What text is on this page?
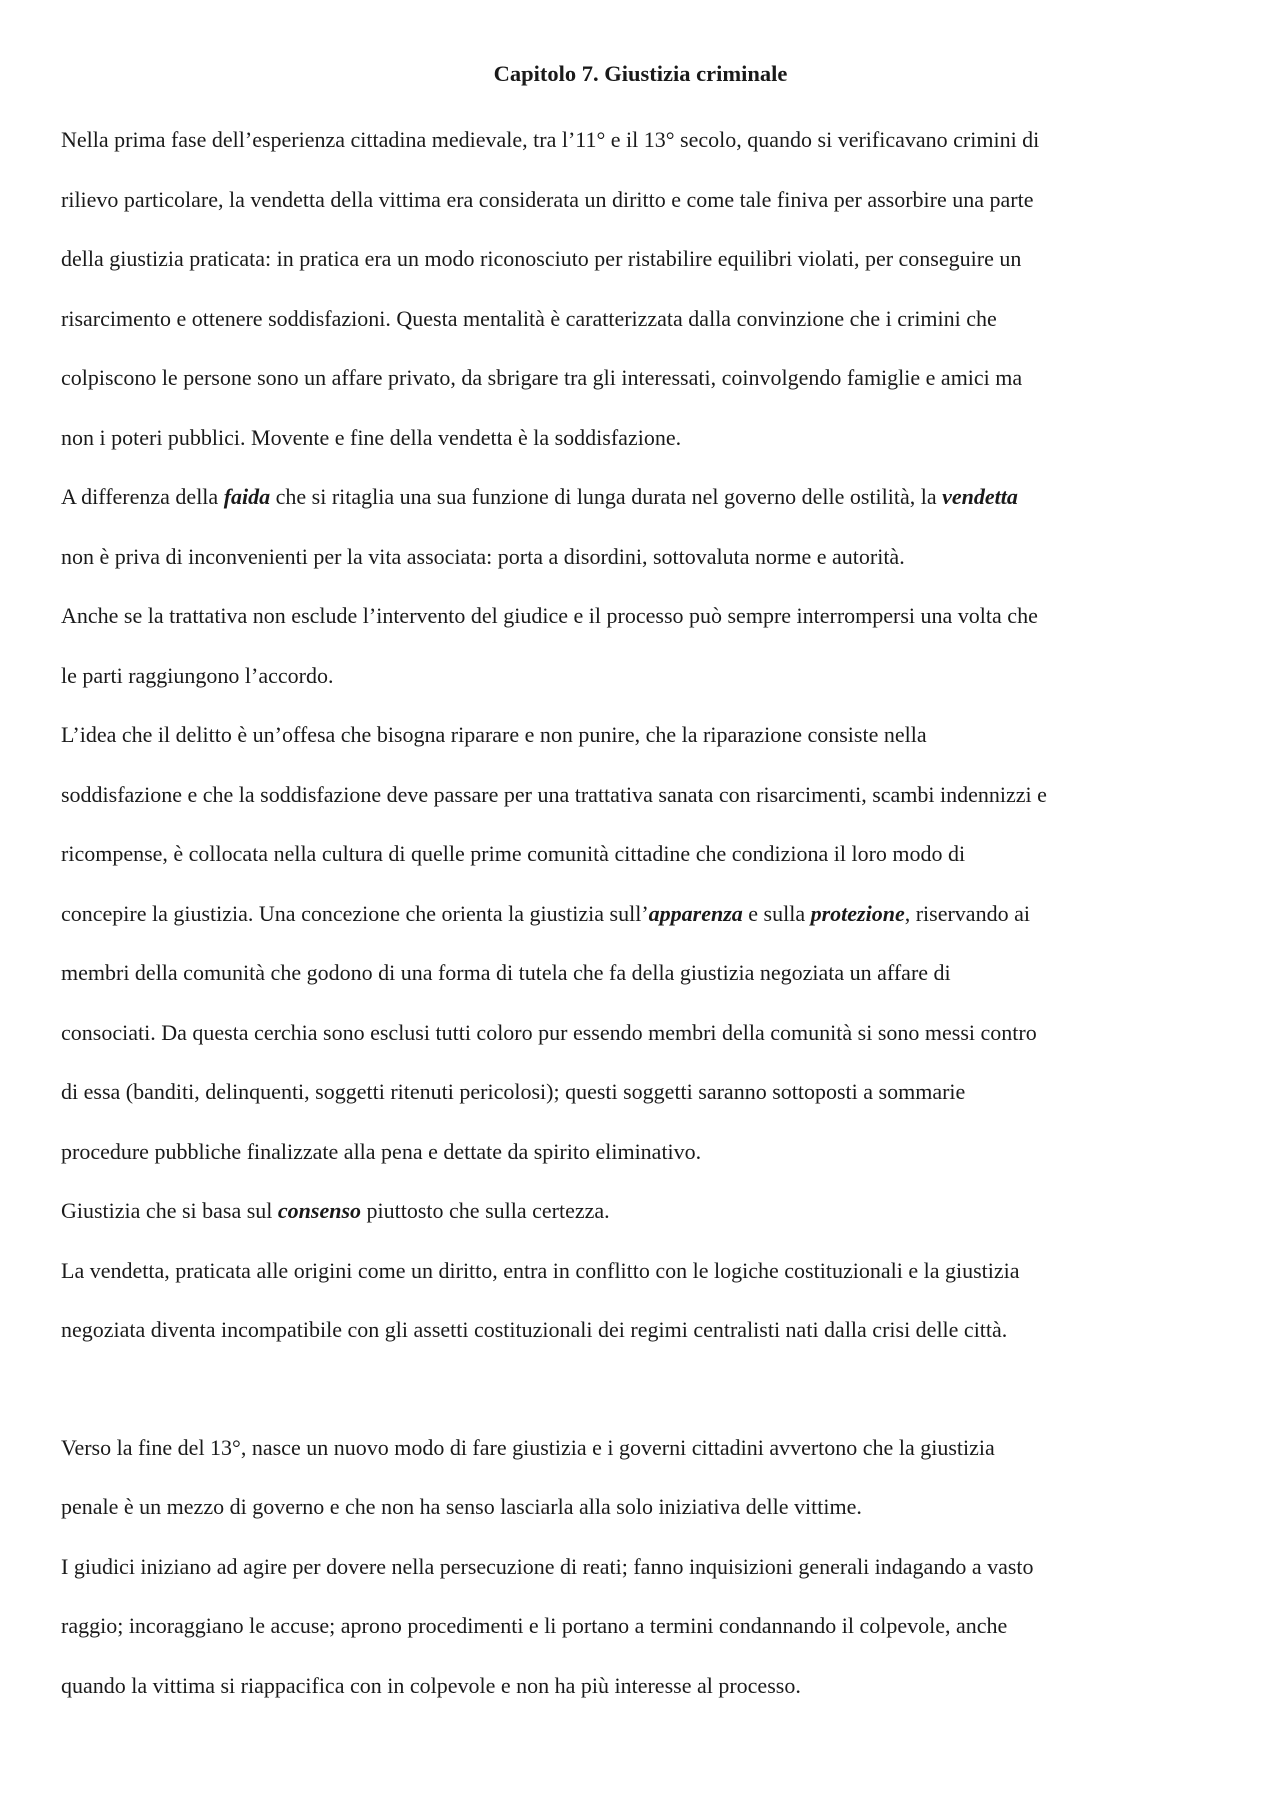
Capitolo 7. Giustizia criminale
Nella prima fase dell’esperienza cittadina medievale, tra l’11° e il 13° secolo, quando si verificavano crimini di
rilievo particolare, la vendetta della vittima era considerata un diritto e come tale finiva per assorbire una parte
della giustizia praticata: in pratica era un modo riconosciuto per ristabilire equilibri violati, per conseguire un
risarcimento e ottenere soddisfazioni. Questa mentalità è caratterizzata dalla convinzione che i crimini che
colpiscono le persone sono un affare privato, da sbrigare tra gli interessati, coinvolgendo famiglie e amici ma
non i poteri pubblici. Movente e fine della vendetta è la soddisfazione.
A differenza della faida che si ritaglia una sua funzione di lunga durata nel governo delle ostilità, la vendetta
non è priva di inconvenienti per la vita associata: porta a disordini, sottovaluta norme e autorità.
Anche se la trattativa non esclude l’intervento del giudice e il processo può sempre interrompersi una volta che
le parti raggiungono l’accordo.
L’idea che il delitto è un’offesa che bisogna riparare e non punire, che la riparazione consiste nella
soddisfazione e che la soddisfazione deve passare per una trattativa sanata con risarcimenti, scambi indennizzi e
ricompense, è collocata nella cultura di quelle prime comunità cittadine che condiziona il loro modo di
concepire la giustizia. Una concezione che orienta la giustizia sull’apparenza e sulla protezione, riservando ai
membri della comunità che godono di una forma di tutela che fa della giustizia negoziata un affare di
consociati. Da questa cerchia sono esclusi tutti coloro pur essendo membri della comunità si sono messi contro
di essa (banditi, delinquenti, soggetti ritenuti pericolosi); questi soggetti saranno sottoposti a sommarie
procedure pubbliche finalizzate alla pena e dettate da spirito eliminativo.
Giustizia che si basa sul consenso piuttosto che sulla certezza.
La vendetta, praticata alle origini come un diritto, entra in conflitto con le logiche costituzionali e la giustizia
negoziata diventa incompatibile con gli assetti costituzionali dei regimi centralisti nati dalla crisi delle città.
Verso la fine del 13°, nasce un nuovo modo di fare giustizia e i governi cittadini avvertono che la giustizia
penale è un mezzo di governo e che non ha senso lasciarla alla solo iniziativa delle vittime.
I giudici iniziano ad agire per dovere nella persecuzione di reati; fanno inquisizioni generali indagando a vasto
raggio; incoraggiano le accuse; aprono procedimenti e li portano a termini condannando il colpevole, anche
quando la vittima si riappacifica con in colpevole e non ha più interesse al processo.
